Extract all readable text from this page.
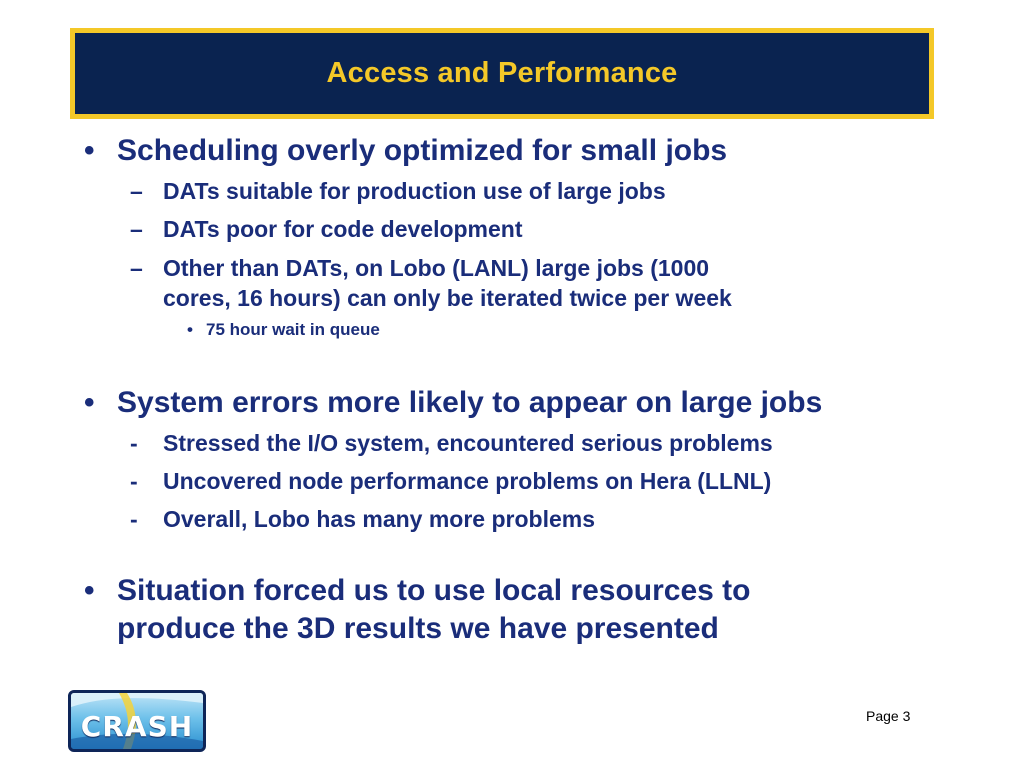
Access and Performance
• Scheduling overly optimized for small jobs
– DATs suitable for production use of large jobs
– DATs poor for code development
– Other than DATs, on Lobo (LANL) large jobs (1000
cores, 16 hours) can only be iterated twice per week
• 75 hour wait in queue
• System errors more likely to appear on large jobs
- Stressed the I/O system, encountered serious problems
- Uncovered node performance problems on Hera (LLNL)
- Overall, Lobo has many more problems
• Situation forced us to use local resources to
produce the 3D results we have presented
CRASH	Page 3
